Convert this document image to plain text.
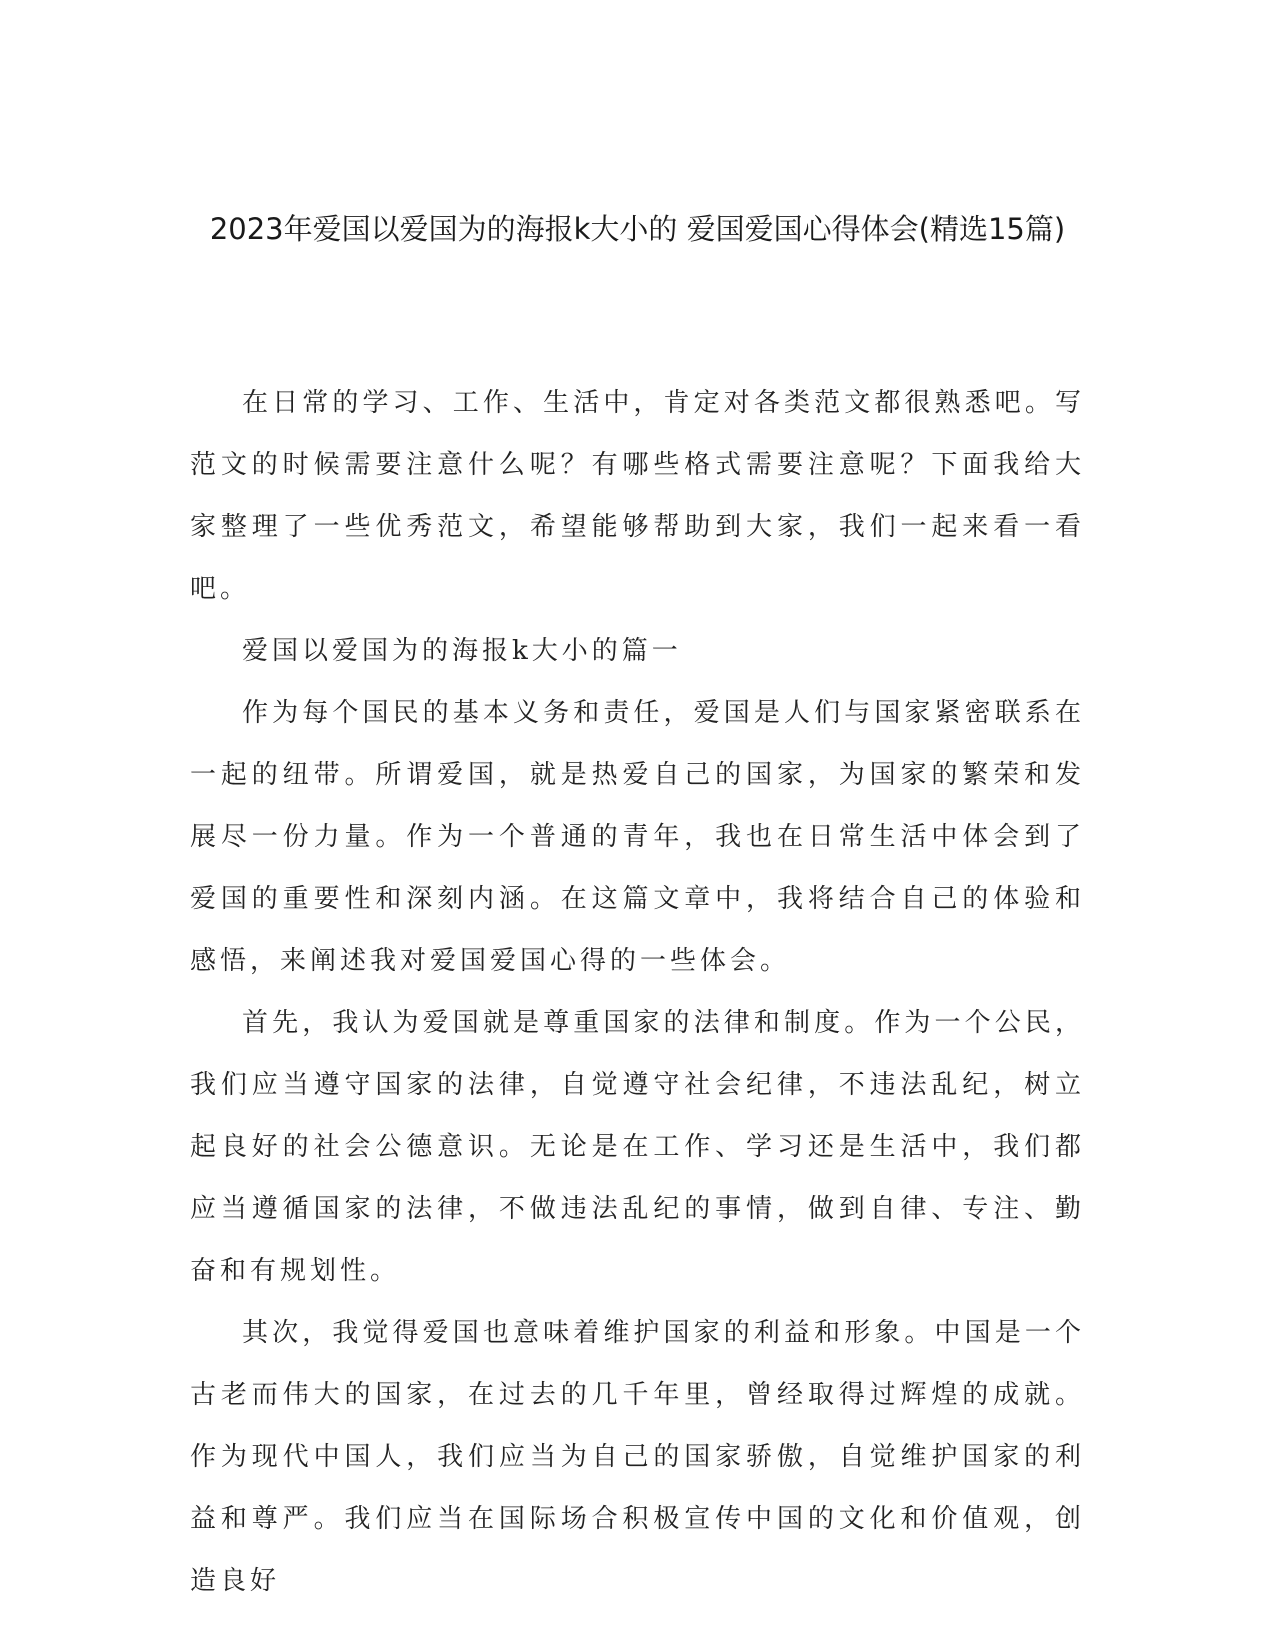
2023年爱国以爱国为的海报k大小的 爱国爱国心得体会(精选15篇)

在日常的学习、工作、生活中，肯定对各类范文都很熟悉吧。写范文的时候需要注意什么呢？有哪些格式需要注意呢？下面我给大家整理了一些优秀范文，希望能够帮助到大家，我们一起来看一看吧。

爱国以爱国为的海报k大小的篇一

作为每个国民的基本义务和责任，爱国是人们与国家紧密联系在一起的纽带。所谓爱国，就是热爱自己的国家，为国家的繁荣和发展尽一份力量。作为一个普通的青年，我也在日常生活中体会到了爱国的重要性和深刻内涵。在这篇文章中，我将结合自己的体验和感悟，来阐述我对爱国爱国心得的一些体会。

首先，我认为爱国就是尊重国家的法律和制度。作为一个公民，我们应当遵守国家的法律，自觉遵守社会纪律，不违法乱纪，树立起良好的社会公德意识。无论是在工作、学习还是生活中，我们都应当遵循国家的法律，不做违法乱纪的事情，做到自律、专注、勤奋和有规划性。

其次，我觉得爱国也意味着维护国家的利益和形象。中国是一个古老而伟大的国家，在过去的几千年里，曾经取得过辉煌的成就。作为现代中国人，我们应当为自己的国家骄傲，自觉维护国家的利益和尊严。我们应当在国际场合积极宣传中国的文化和价值观，创造良好
